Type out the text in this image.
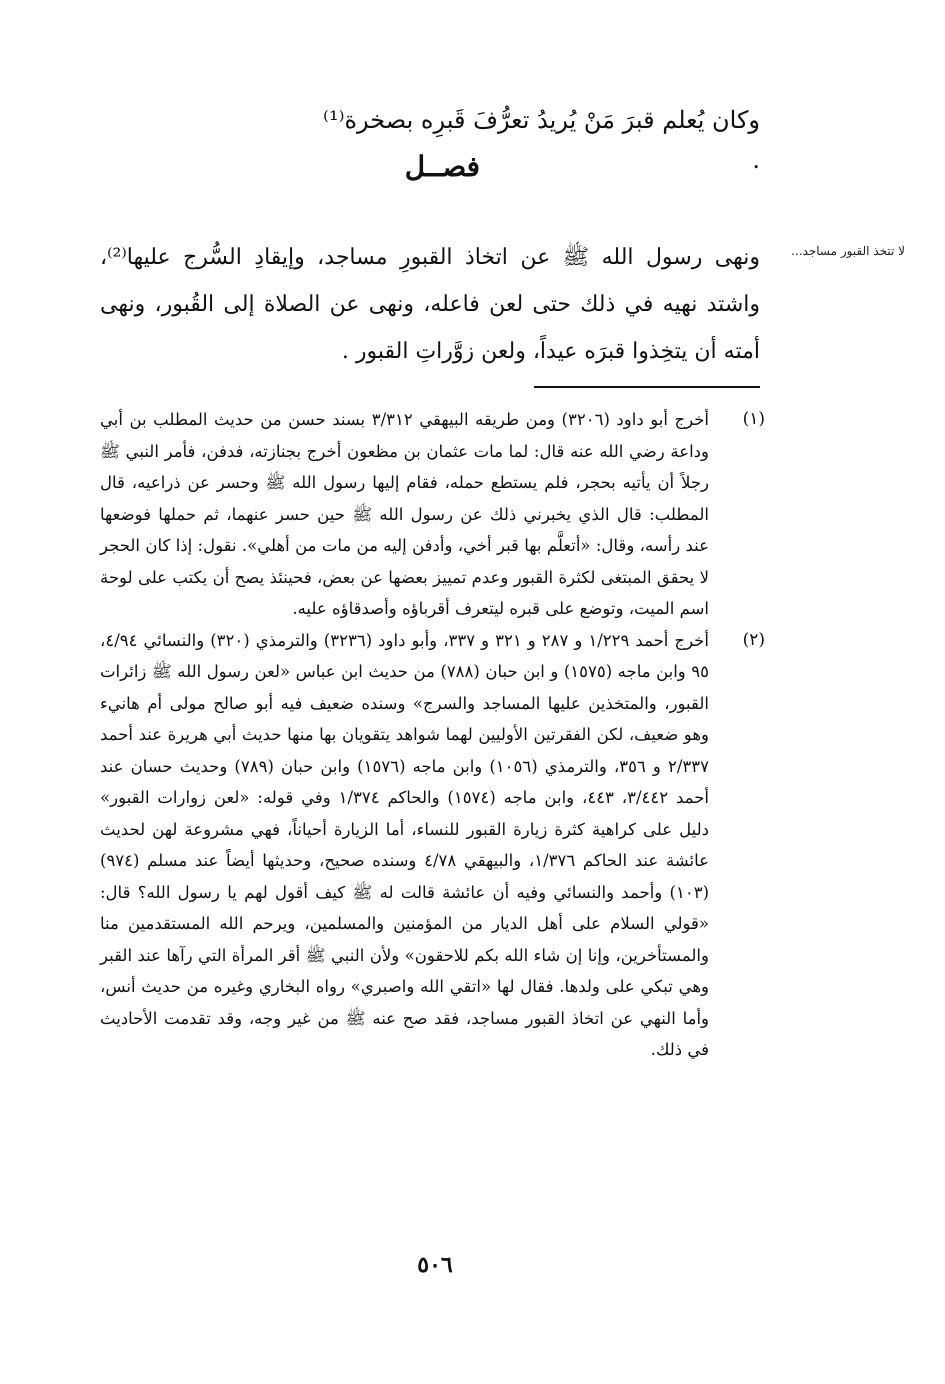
وكان يُعلم قبرَ مَنْ يُريدُ تعرُّفَ قَبرِه بصخرة⁽¹⁾ .
فصــل
لا تتخذ القبور مساجد...
ونهى رسول الله ﷺ عن اتخاذ القبورِ مساجد، وإيقادِ السُّرج عليها⁽²⁾، واشتد نهيه في ذلك حتى لعن فاعله، ونهى عن الصلاة إلى القُبور، ونهى أمته أن يتخِذوا قبرَه عيداً، ولعن زوَّراتِ القبور .
(١)
أخرج أبو داود (٣٢٠٦) ومن طريقه البيهقي ٣/٣١٢ بسند حسن من حديث المطلب بن أبي وداعة رضي الله عنه قال: لما مات عثمان بن مظعون أخرج بجنازته، فدفن، فأمر النبي ﷺ رجلاً أن يأتيه بحجر، فلم يستطع حمله، فقام إليها رسول الله ﷺ وحسر عن ذراعيه، قال المطلب: قال الذي يخبرني ذلك عن رسول الله ﷺ حين حسر عنهما، ثم حملها فوضعها عند رأسه، وقال: «أتعلَّم بها قبر أخي، وأدفن إليه من مات من أهلي». نقول: إذا كان الحجر لا يحقق المبتغى لكثرة القبور وعدم تمييز بعضها عن بعض، فحينئذ يصح أن يكتب على لوحة اسم الميت، وتوضع على قبره ليتعرف أقرباؤه وأصدقاؤه عليه.
(٢)
أخرج أحمد ١/٢٢٩ و ٢٨٧ و ٣٢١ و ٣٣٧، وأبو داود (٣٢٣٦) والترمذي (٣٢٠) والنسائي ٤/٩٤، ٩٥ وابن ماجه (١٥٧٥) و ابن حبان (٧٨٨) من حديث ابن عباس «لعن رسول الله ﷺ زائرات القبور، والمتخذين عليها المساجد والسرج» وسنده ضعيف فيه أبو صالح مولى أم هانيء وهو ضعيف، لكن الفقرتين الأوليين لهما شواهد يتقويان بها منها حديث أبي هريرة عند أحمد ٢/٣٣٧ و ٣٥٦، والترمذي (١٠٥٦) وابن ماجه (١٥٧٦) وابن حبان (٧٨٩) وحديث حسان عند أحمد ٣/٤٤٢، ٤٤٣، وابن ماجه (١٥٧٤) والحاكم ١/٣٧٤ وفي قوله: «لعن زوارات القبور» دليل على كراهية كثرة زيارة القبور للنساء، أما الزيارة أحياناً، فهي مشروعة لهن لحديث عائشة عند الحاكم ١/٣٧٦، والبيهقي ٤/٧٨ وسنده صحيح، وحديثها أيضاً عند مسلم (٩٧٤) (١٠٣) وأحمد والنسائي وفيه أن عائشة قالت له ﷺ كيف أقول لهم يا رسول الله؟ قال: «قولي السلام على أهل الديار من المؤمنين والمسلمين، ويرحم الله المستقدمين منا والمستأخرين، وإنا إن شاء الله بكم للاحقون» ولأن النبي ﷺ أقر المرأة التي رآها عند القبر وهي تبكي على ولدها. فقال لها «اتقي الله واصبري» رواه البخاري وغيره من حديث أنس، وأما النهي عن اتخاذ القبور مساجد، فقد صح عنه ﷺ من غير وجه، وقد تقدمت الأحاديث في ذلك.
٥٠٦
